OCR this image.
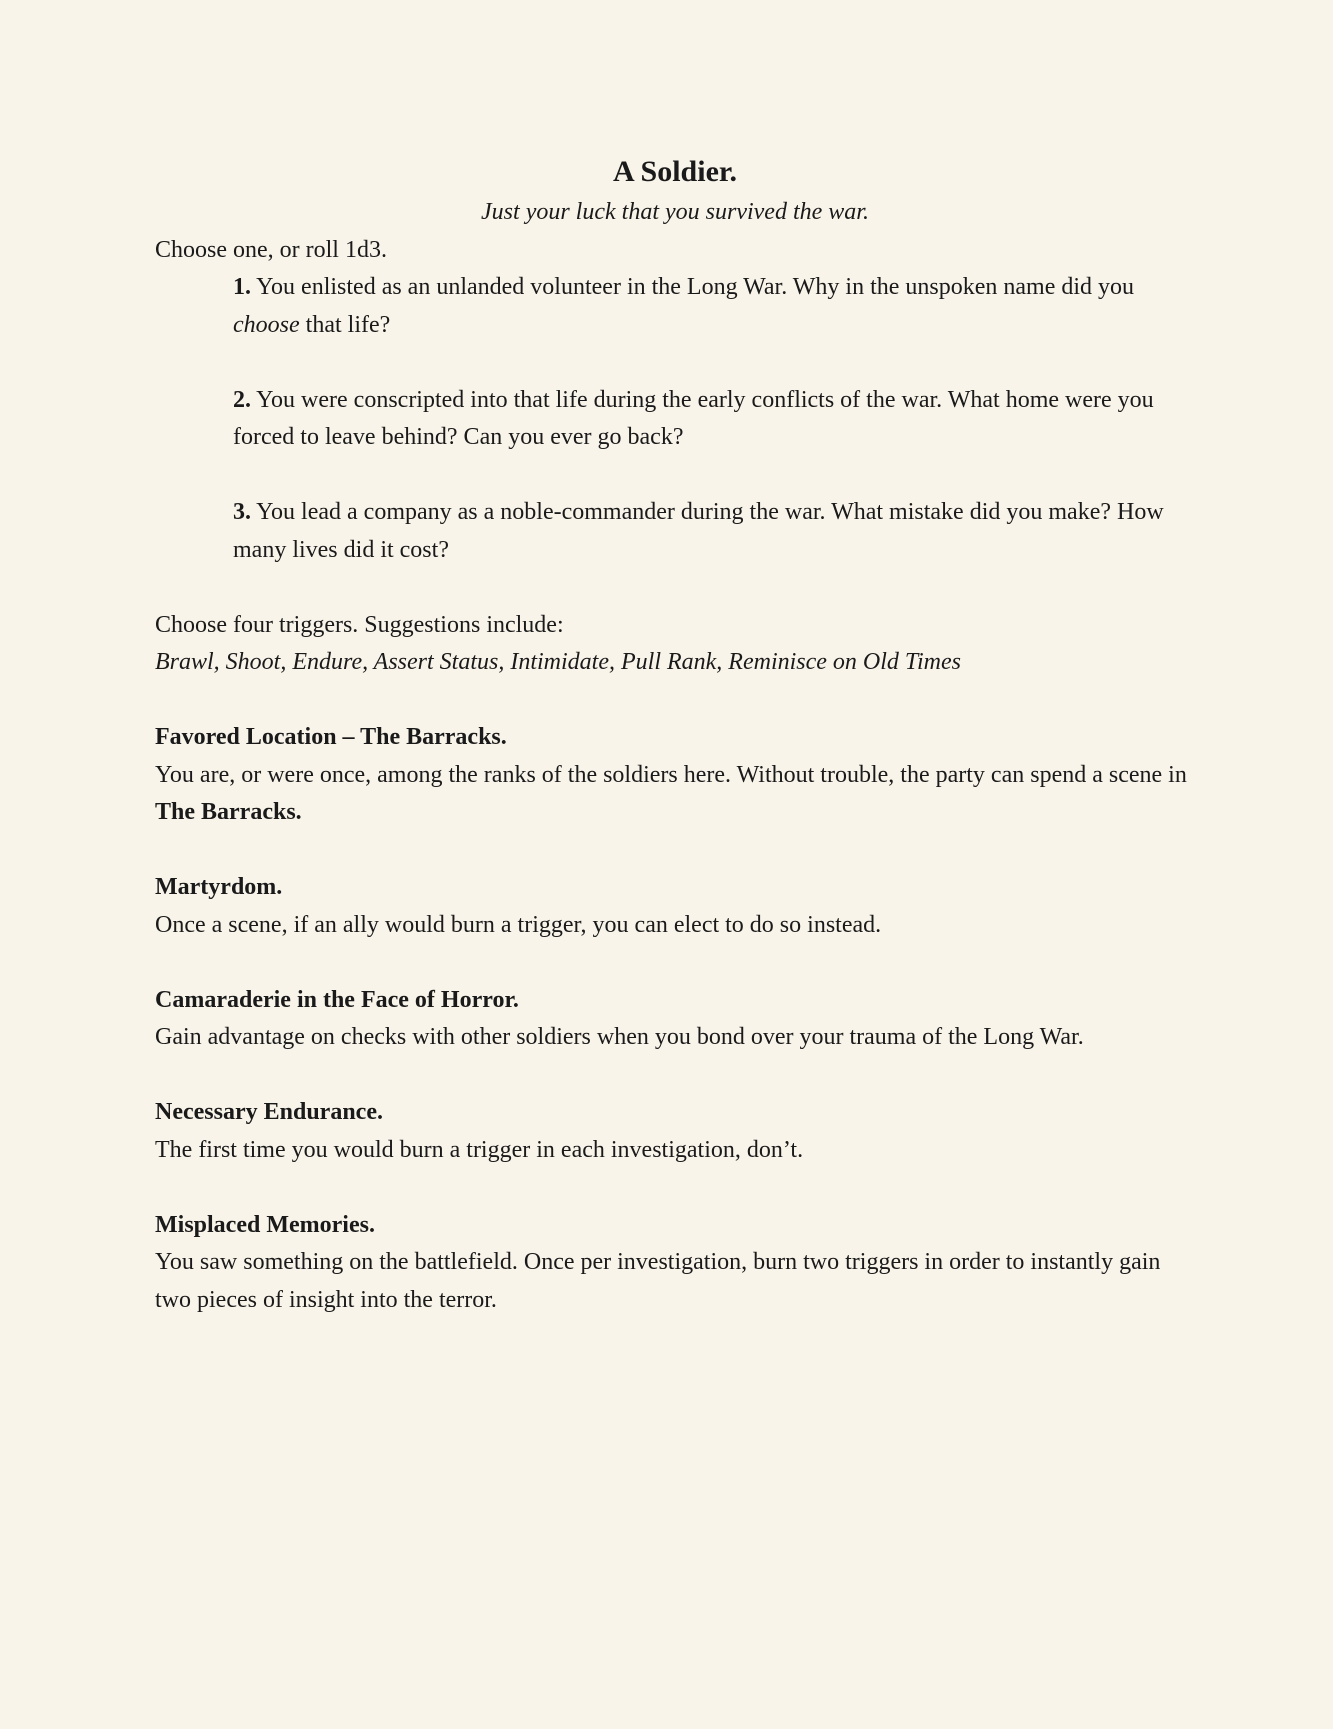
A Soldier.

Just your luck that you survived the war.

Choose one, or roll 1d3.

1. You enlisted as an unlanded volunteer in the Long War. Why in the unspoken name did you choose that life?
2. You were conscripted into that life during the early conflicts of the war. What home were you forced to leave behind? Can you ever go back?
3. You lead a company as a noble-commander during the war. What mistake did you make? How many lives did it cost?

Choose four triggers. Suggestions include:

Brawl, Shoot, Endure, Assert Status, Intimidate, Pull Rank, Reminisce on Old Times

Favored Location – The Barracks.

You are, or were once, among the ranks of the soldiers here. Without trouble, the party can spend a scene in The Barracks.

Martyrdom.

Once a scene, if an ally would burn a trigger, you can elect to do so instead.

Camaraderie in the Face of Horror.

Gain advantage on checks with other soldiers when you bond over your trauma of the Long War.

Necessary Endurance.

The first time you would burn a trigger in each investigation, don’t.

Misplaced Memories.

You saw something on the battlefield. Once per investigation, burn two triggers in order to instantly gain two pieces of insight into the terror.
